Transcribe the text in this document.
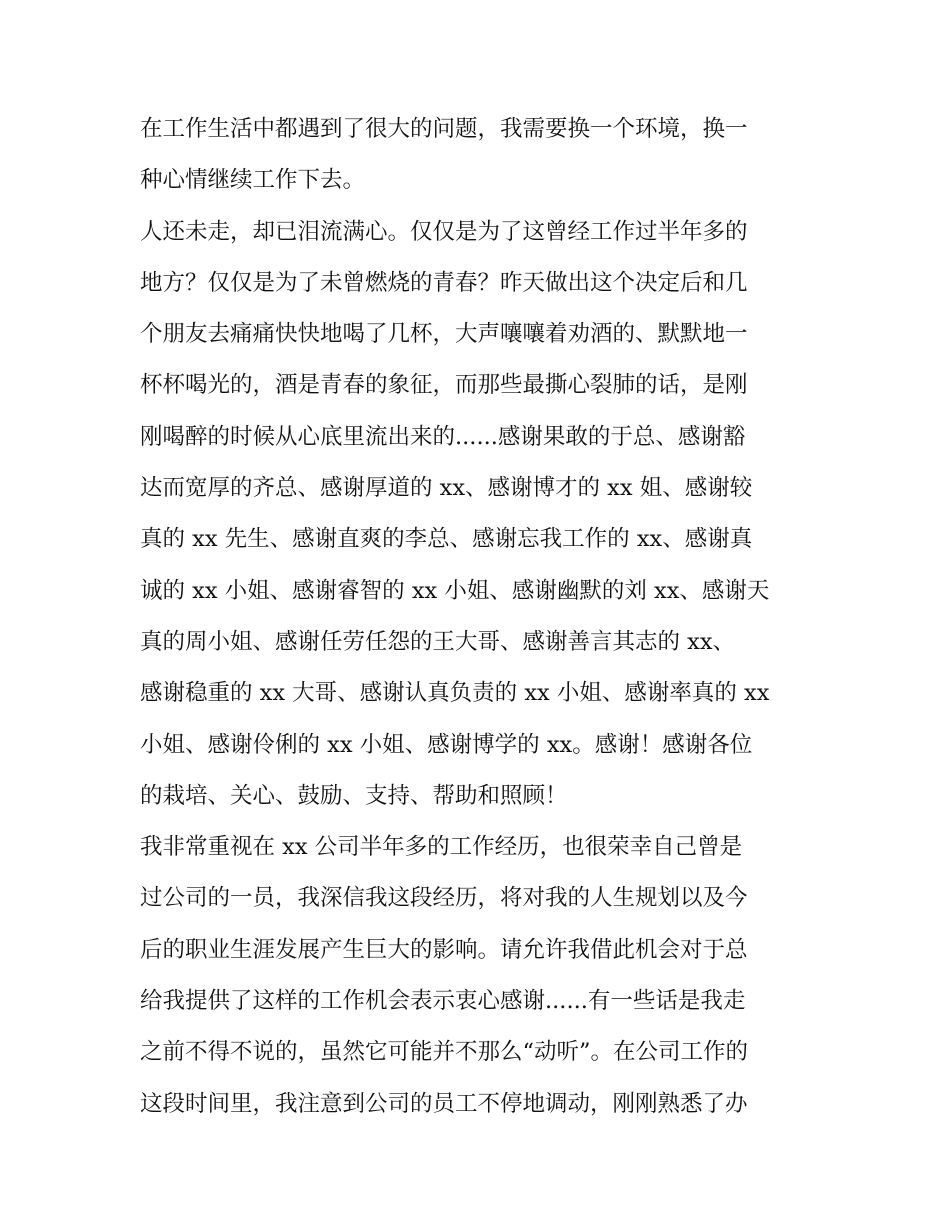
在工作生活中都遇到了很大的问题，我需要换一个环境，换一
种心情继续工作下去。
人还未走，却已泪流满心。仅仅是为了这曾经工作过半年多的
地方？仅仅是为了未曾燃烧的青春？昨天做出这个决定后和几
个朋友去痛痛快快地喝了几杯，大声嚷嚷着劝酒的、默默地一
杯杯喝光的，酒是青春的象征，而那些最撕心裂肺的话，是刚
刚喝醉的时候从心底里流出来的......感谢果敢的于总、感谢豁
达而宽厚的齐总、感谢厚道的 xx、感谢博才的 xx 姐、感谢较
真的 xx 先生、感谢直爽的李总、感谢忘我工作的 xx、感谢真
诚的 xx 小姐、感谢睿智的 xx 小姐、感谢幽默的刘 xx、感谢天
真的周小姐、感谢任劳任怨的王大哥、感谢善言其志的 xx、
感谢稳重的 xx 大哥、感谢认真负责的 xx 小姐、感谢率真的 xx
小姐、感谢伶俐的 xx 小姐、感谢博学的 xx。感谢！感谢各位
的栽培、关心、鼓励、支持、帮助和照顾！
我非常重视在 xx 公司半年多的工作经历，也很荣幸自己曾是
过公司的一员，我深信我这段经历，将对我的人生规划以及今
后的职业生涯发展产生巨大的影响。请允许我借此机会对于总
给我提供了这样的工作机会表示衷心感谢......有一些话是我走
之前不得不说的，虽然它可能并不那么“动听”。在公司工作的
这段时间里，我注意到公司的员工不停地调动，刚刚熟悉了办
